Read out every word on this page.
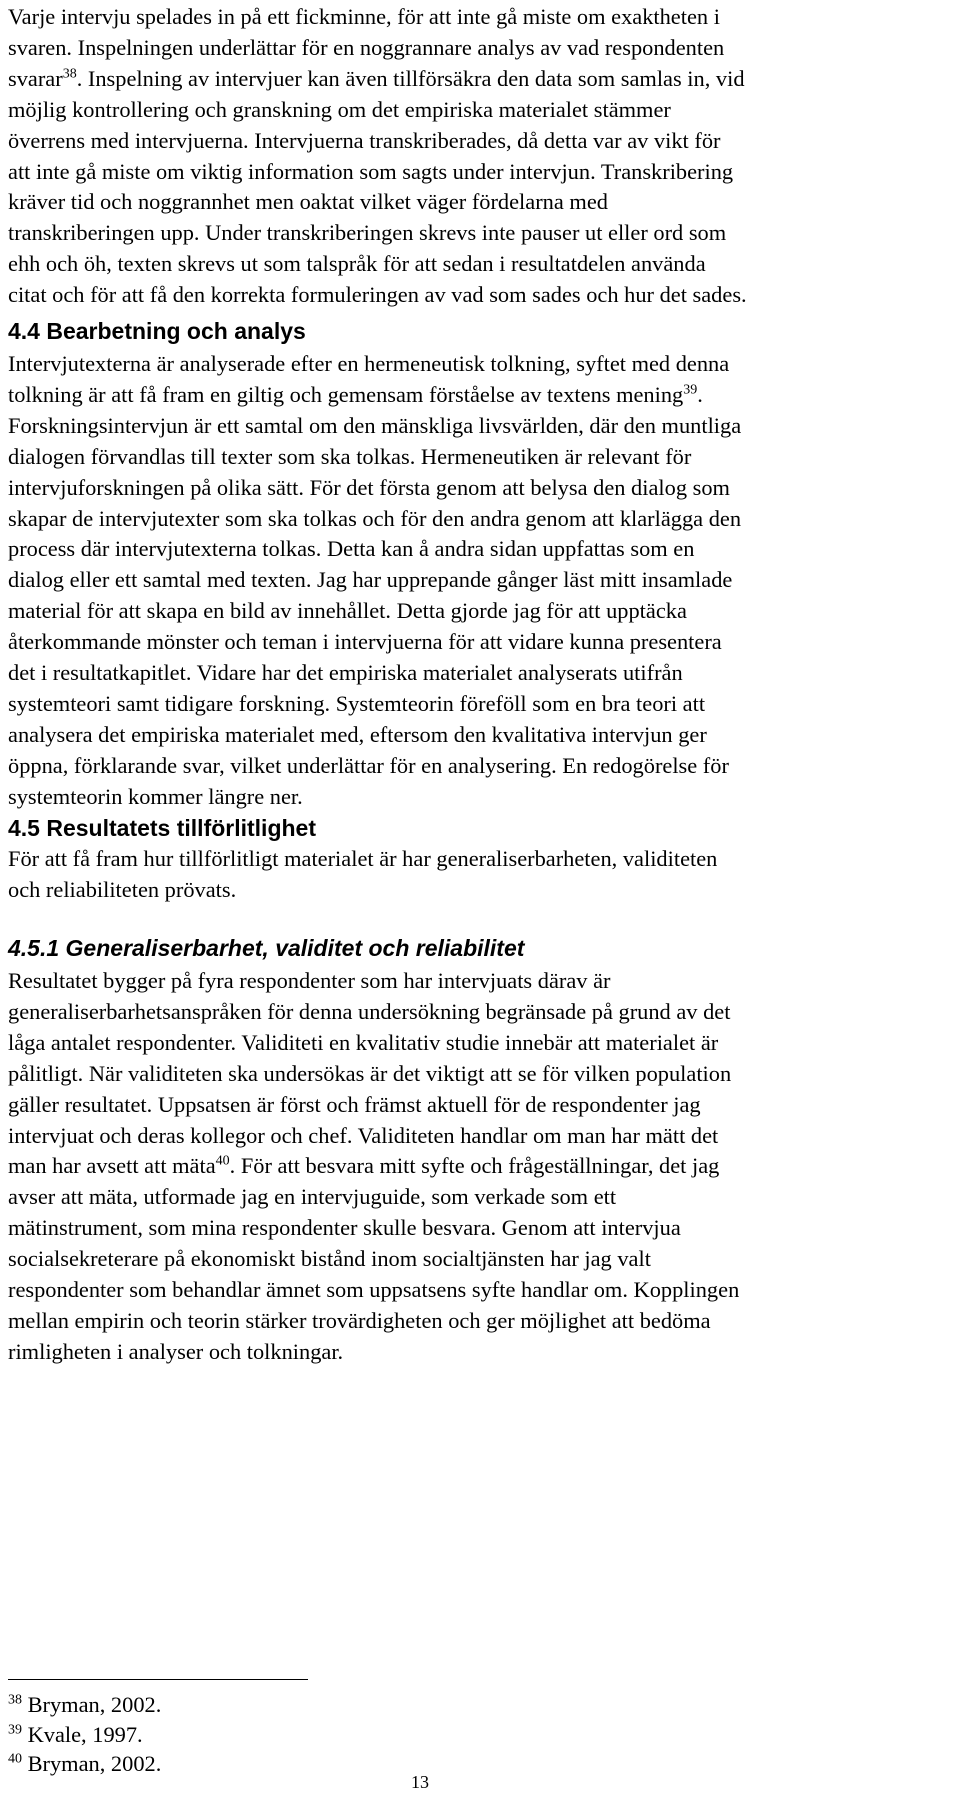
Varje intervju spelades in på ett fickminne, för att inte gå miste om exaktheten i
svaren. Inspelningen underlättar för en noggrannare analys av vad respondenten
svarar$^{38}$. Inspelning av intervjuer kan även tillförsäkra den data som samlas in, vid
möjlig kontrollering och granskning om det empiriska materialet stämmer
överrens med intervjuerna. Intervjuerna transkriberades, då detta var av vikt för
att inte gå miste om viktig information som sagts under intervjun. Transkribering
kräver tid och noggrannhet men oaktat vilket väger fördelarna med
transkriberingen upp. Under transkriberingen skrevs inte pauser ut eller ord som
ehh och öh, texten skrevs ut som talspråk för att sedan i resultatdelen använda
citat och för att få den korrekta formuleringen av vad som sades och hur det sades.

4.4 Bearbetning och analys

Intervjutexterna är analyserade efter en hermeneutisk tolkning, syftet med denna
tolkning är att få fram en giltig och gemensam förståelse av textens mening$^{39}$.
Forskningsintervjun är ett samtal om den mänskliga livsvärlden, där den muntliga
dialogen förvandlas till texter som ska tolkas. Hermeneutiken är relevant för
intervjuforskningen på olika sätt. För det första genom att belysa den dialog som
skapar de intervjutexter som ska tolkas och för den andra genom att klarlägga den
process där intervjutexterna tolkas. Detta kan å andra sidan uppfattas som en
dialog eller ett samtal med texten. Jag har upprepande gånger läst mitt insamlade
material för att skapa en bild av innehållet. Detta gjorde jag för att upptäcka
återkommande mönster och teman i intervjuerna för att vidare kunna presentera
det i resultatkapitlet. Vidare har det empiriska materialet analyserats utifrån
systemteori samt tidigare forskning. Systemteorin föreföll som en bra teori att
analysera det empiriska materialet med, eftersom den kvalitativa intervjun ger
öppna, förklarande svar, vilket underlättar för en analysering. En redogörelse för
systemteorin kommer längre ner.

4.5 Resultatets tillförlitlighet

För att få fram hur tillförlitligt materialet är har generaliserbarheten, validiteten
och reliabiliteten prövats.

4.5.1 Generaliserbarhet, validitet och reliabilitet

Resultatet bygger på fyra respondenter som har intervjuats därav är
generaliserbarhetsanspråken för denna undersökning begränsade på grund av det
låga antalet respondenter. Validiteti en kvalitativ studie innebär att materialet är
pålitligt. När validiteten ska undersökas är det viktigt att se för vilken population
gäller resultatet. Uppsatsen är först och främst aktuell för de respondenter jag
intervjuat och deras kollegor och chef. Validiteten handlar om man har mätt det
man har avsett att mäta$^{40}$. För att besvara mitt syfte och frågeställningar, det jag
avser att mäta, utformade jag en intervjuguide, som verkade som ett
mätinstrument, som mina respondenter skulle besvara. Genom att intervjua
socialsekreterare på ekonomiskt bistånd inom socialtjänsten har jag valt
respondenter som behandlar ämnet som uppsatsens syfte handlar om. Kopplingen
mellan empirin och teorin stärker trovärdigheten och ger möjlighet att bedöma
rimligheten i analyser och tolkningar.

$^{38}$ Bryman, 2002.

$^{39}$ Kvale, 1997.

$^{40}$ Bryman, 2002.

13
